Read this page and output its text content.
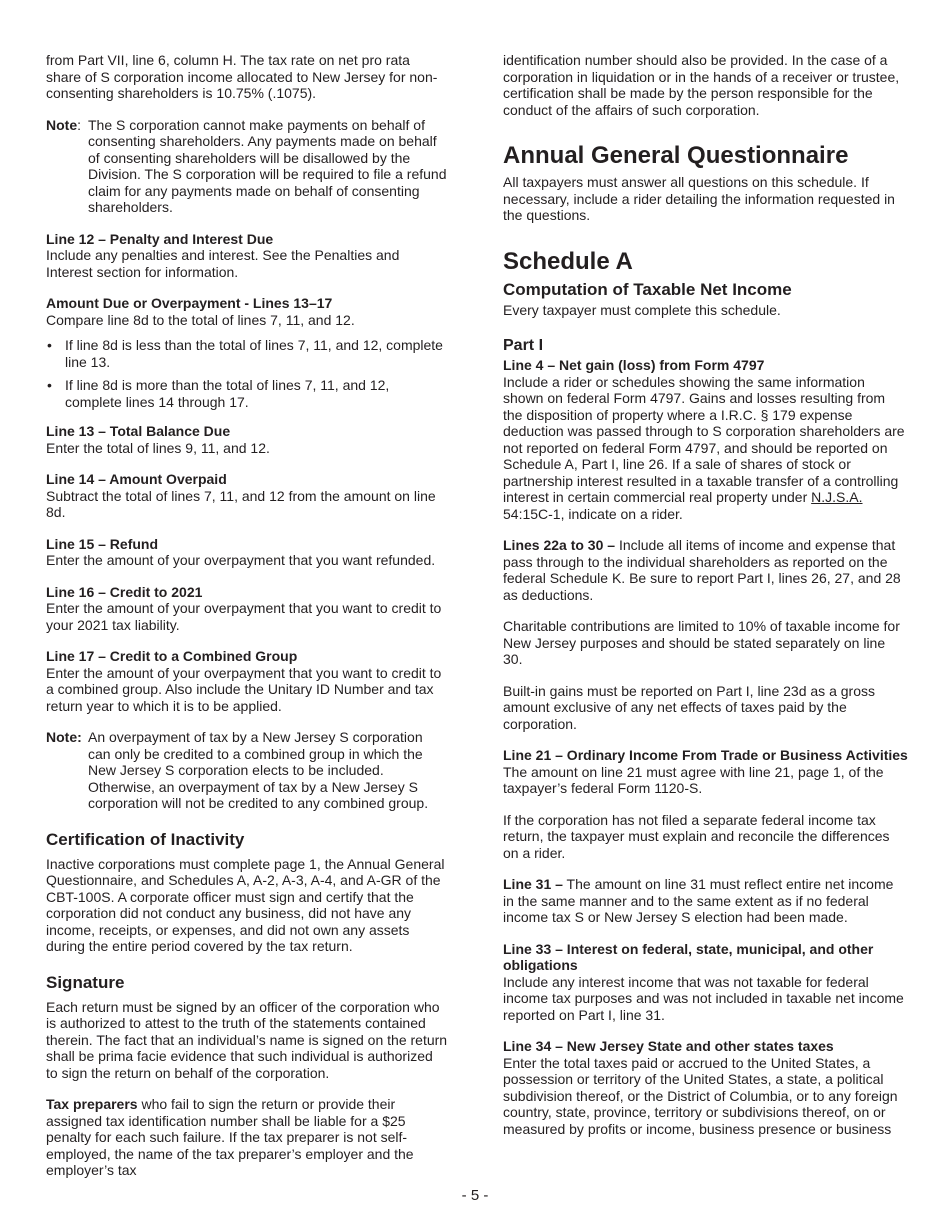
from Part VII, line 6, column H. The tax rate on net pro rata share of S corporation income allocated to New Jersey for non-consenting shareholders is 10.75% (.1075).

Note: The S corporation cannot make payments on behalf of consenting shareholders. Any payments made on behalf of consenting shareholders will be disallowed by the Division. The S corporation will be required to file a refund claim for any payments made on behalf of consenting shareholders.
Line 12 – Penalty and Interest Due
Include any penalties and interest. See the Penalties and Interest section for information.
Amount Due or Overpayment - Lines 13–17
Compare line 8d to the total of lines 7, 11, and 12.
• If line 8d is less than the total of lines 7, 11, and 12, complete line 13.
• If line 8d is more than the total of lines 7, 11, and 12, complete lines 14 through 17.
Line 13 – Total Balance Due
Enter the total of lines 9, 11, and 12.
Line 14 – Amount Overpaid
Subtract the total of lines 7, 11, and 12 from the amount on line 8d.
Line 15 – Refund
Enter the amount of your overpayment that you want refunded.
Line 16 – Credit to 2021
Enter the amount of your overpayment that you want to credit to your 2021 tax liability.
Line 17 – Credit to a Combined Group
Enter the amount of your overpayment that you want to credit to a combined group. Also include the Unitary ID Number and tax return year to which it is to be applied.
Note: An overpayment of tax by a New Jersey S corporation can only be credited to a combined group in which the New Jersey S corporation elects to be included. Otherwise, an overpayment of tax by a New Jersey S corporation will not be credited to any combined group.
Certification of Inactivity

Inactive corporations must complete page 1, the Annual General Questionnaire, and Schedules A, A-2, A-3, A-4, and A-GR of the CBT-100S. A corporate officer must sign and certify that the corporation did not conduct any business, did not have any income, receipts, or expenses, and did not own any assets during the entire period covered by the tax return.

Signature

Each return must be signed by an officer of the corporation who is authorized to attest to the truth of the statements contained therein. The fact that an individual’s name is signed on the return shall be prima facie evidence that such individual is authorized to sign the return on behalf of the corporation.

Tax preparers who fail to sign the return or provide their assigned tax identification number shall be liable for a $25 penalty for each such failure. If the tax preparer is not self-employed, the name of the tax preparer’s employer and the employer’s tax

identification number should also be provided. In the case of a corporation in liquidation or in the hands of a receiver or trustee, certification shall be made by the person responsible for the conduct of the affairs of such corporation.

Annual General Questionnaire

All taxpayers must answer all questions on this schedule. If necessary, include a rider detailing the information requested in the questions.

Schedule A
Computation of Taxable Net Income

Every taxpayer must complete this schedule.

Part I
Line 4 – Net gain (loss) from Form 4797
Include a rider or schedules showing the same information shown on federal Form 4797. Gains and losses resulting from the disposition of property where a I.R.C. § 179 expense deduction was passed through to S corporation shareholders are not reported on federal Form 4797, and should be reported on Schedule A, Part I, line 26. If a sale of shares of stock or partnership interest resulted in a taxable transfer of a controlling interest in certain commercial real property under N.J.S.A. 54:15C-1, indicate on a rider.

Lines 22a to 30 – Include all items of income and expense that pass through to the individual shareholders as reported on the federal Schedule K. Be sure to report Part I, lines 26, 27, and 28 as deductions.

Charitable contributions are limited to 10% of taxable income for New Jersey purposes and should be stated separately on line 30.

Built-in gains must be reported on Part I, line 23d as a gross amount exclusive of any net effects of taxes paid by the corporation.

Line 21 – Ordinary Income From Trade or Business Activities
The amount on line 21 must agree with line 21, page 1, of the taxpayer’s federal Form 1120-S.

If the corporation has not filed a separate federal income tax return, the taxpayer must explain and reconcile the differences on a rider.

Line 31 – The amount on line 31 must reflect entire net income in the same manner and to the same extent as if no federal income tax S or New Jersey S election had been made.

Line 33 – Interest on federal, state, municipal, and other obligations
Include any interest income that was not taxable for federal income tax purposes and was not included in taxable net income reported on Part I, line 31.
Line 34 – New Jersey State and other states taxes
Enter the total taxes paid or accrued to the United States, a possession or territory of the United States, a state, a political subdivision thereof, or the District of Columbia, or to any foreign country, state, province, territory or subdivisions thereof, on or measured by profits or income, business presence or business
- 5 -
